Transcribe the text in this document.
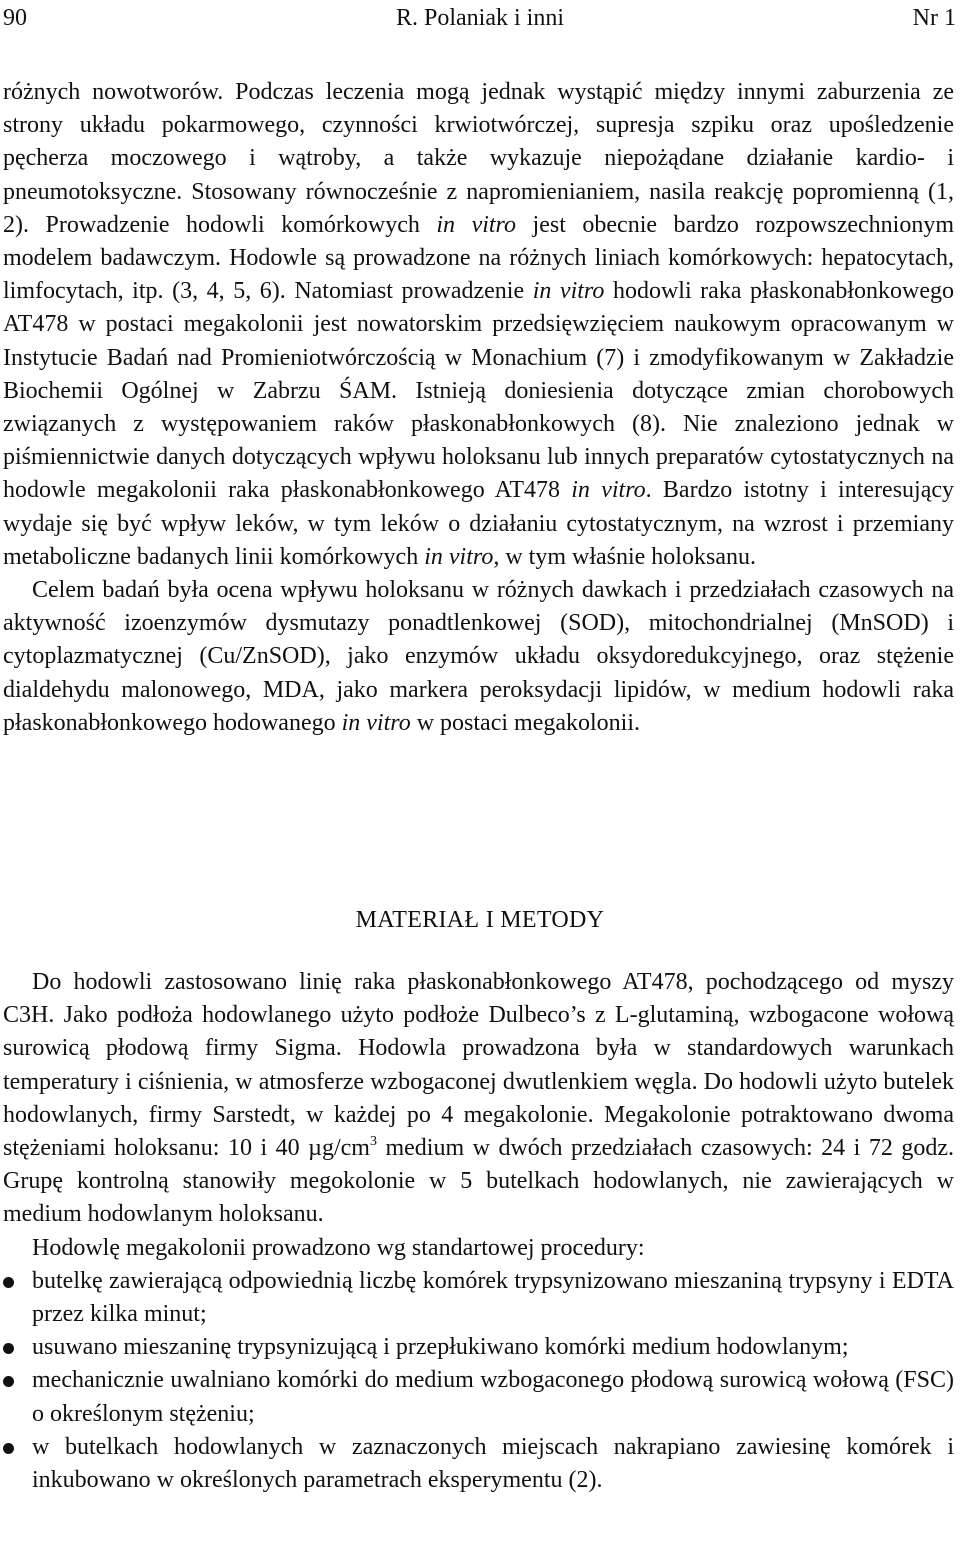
90	R. Polaniak i inni	Nr 1

różnych nowotworów. Podczas leczenia mogą jednak wystąpić między innymi zaburzenia ze strony układu pokarmowego, czynności krwiotwórczej, supresja szpiku oraz upośledzenie pęcherza moczowego i wątroby, a także wykazuje niepożądane działanie kardio- i pneumotoksyczne. Stosowany równocześnie z napromienianiem, nasila reakcję popromienną (1, 2). Prowadzenie hodowli komórkowych in vitro jest obecnie bardzo rozpowszechnionym modelem badawczym. Hodowle są prowadzone na różnych liniach komórkowych: hepatocytach, limfocytach, itp. (3, 4, 5, 6). Natomiast prowadzenie in vitro hodowli raka płaskonabłonkowego AT478 w postaci megakolonii jest nowatorskim przedsięwzięciem naukowym opracowanym w Instytucie Badań nad Promieniotwórczością w Monachium (7) i zmodyfikowanym w Zakładzie Biochemii Ogólnej w Zabrzu ŚAM. Istnieją doniesienia dotyczące zmian chorobowych związanych z występowaniem raków płaskonabłonkowych (8). Nie znaleziono jednak w piśmiennictwie danych dotyczących wpływu holoksanu lub innych preparatów cytostatycznych na hodowle megakolonii raka płaskonabłonkowego AT478 in vitro. Bardzo istotny i interesujący wydaje się być wpływ leków, w tym leków o działaniu cytostatycznym, na wzrost i przemiany metaboliczne badanych linii komórkowych in vitro, w tym właśnie holoksanu.

Celem badań była ocena wpływu holoksanu w różnych dawkach i przedziałach czasowych na aktywność izoenzymów dysmutazy ponadtlenkowej (SOD), mitochondrialnej (MnSOD) i cytoplazmatycznej (Cu/ZnSOD), jako enzymów układu oksydoredukcyjnego, oraz stężenie dialdehydu malonowego, MDA, jako markera peroksydacji lipidów, w medium hodowli raka płaskonabłonkowego hodowanego in vitro w postaci megakolonii.

MATERIAŁ I METODY

Do hodowli zastosowano linię raka płaskonabłonkowego AT478, pochodzącego od myszy C3H. Jako podłoża hodowlanego użyto podłoże Dulbeco’s z L-glutaminą, wzbogacone wołową surowicą płodową firmy Sigma. Hodowla prowadzona była w standardowych warunkach temperatury i ciśnienia, w atmosferze wzbogaconej dwutlenkiem węgla. Do hodowli użyto butelek hodowlanych, firmy Sarstedt, w każdej po 4 megakolonie. Megakolonie potraktowano dwoma stężeniami holoksanu: 10 i 40 $\mu g/cm^3$ medium w dwóch przedziałach czasowych: 24 i 72 godz. Grupę kontrolną stanowiły megokolonie w 5 butelkach hodowlanych, nie zawierających w medium hodowlanym holoksanu.

Hodowlę megakolonii prowadzono wg standartowej procedury:

butelkę zawierającą odpowiednią liczbę komórek trypsynizowano mieszaniną trypsyny i EDTA przez kilka minut;
usuwano mieszaninę trypsynizującą i przepłukiwano komórki medium hodowlanym;
mechanicznie uwalniano komórki do medium wzbogaconego płodową surowicą wołową (FSC) o określonym stężeniu;
w butelkach hodowlanych w zaznaczonych miejscach nakrapiano zawiesinę komórek i inkubowano w określonych parametrach eksperymentu (2).
